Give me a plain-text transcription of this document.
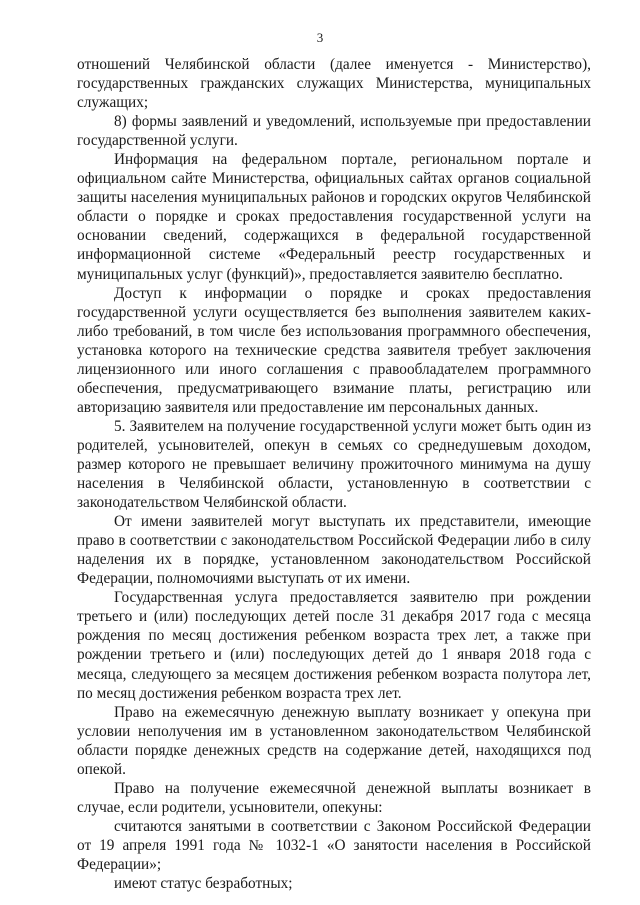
3

отношений Челябинской области (далее именуется - Министерство), государственных гражданских служащих Министерства, муниципальных служащих;

8) формы заявлений и уведомлений, используемые при предоставлении государственной услуги.

Информация на федеральном портале, региональном портале и официальном сайте Министерства, официальных сайтах органов социальной защиты населения муниципальных районов и городских округов Челябинской области о порядке и сроках предоставления государственной услуги на основании сведений, содержащихся в федеральной государственной информационной системе «Федеральный реестр государственных и муниципальных услуг (функций)», предоставляется заявителю бесплатно.

Доступ к информации о порядке и сроках предоставления государственной услуги осуществляется без выполнения заявителем каких-либо требований, в том числе без использования программного обеспечения, установка которого на технические средства заявителя требует заключения лицензионного или иного соглашения с правообладателем программного обеспечения, предусматривающего взимание платы, регистрацию или авторизацию заявителя или предоставление им персональных данных.

5. Заявителем на получение государственной услуги может быть один из родителей, усыновителей, опекун в семьях со среднедушевым доходом, размер которого не превышает величину прожиточного минимума на душу населения в Челябинской области, установленную в соответствии с законодательством Челябинской области.

От имени заявителей могут выступать их представители, имеющие право в соответствии с законодательством Российской Федерации либо в силу наделения их в порядке, установленном законодательством Российской Федерации, полномочиями выступать от их имени.

Государственная услуга предоставляется заявителю при рождении третьего и (или) последующих детей после 31 декабря 2017 года с месяца рождения по месяц достижения ребенком возраста трех лет, а также при рождении третьего и (или) последующих детей до 1 января 2018 года с месяца, следующего за месяцем достижения ребенком возраста полутора лет, по месяц достижения ребенком возраста трех лет.

Право на ежемесячную денежную выплату возникает у опекуна при условии неполучения им в установленном законодательством Челябинской области порядке денежных средств на содержание детей, находящихся под опекой.

Право на получение ежемесячной денежной выплаты возникает в случае, если родители, усыновители, опекуны:

считаются занятыми в соответствии с Законом Российской Федерации от 19 апреля 1991 года № 1032-1 «О занятости населения в Российской Федерации»;

имеют статус безработных;
